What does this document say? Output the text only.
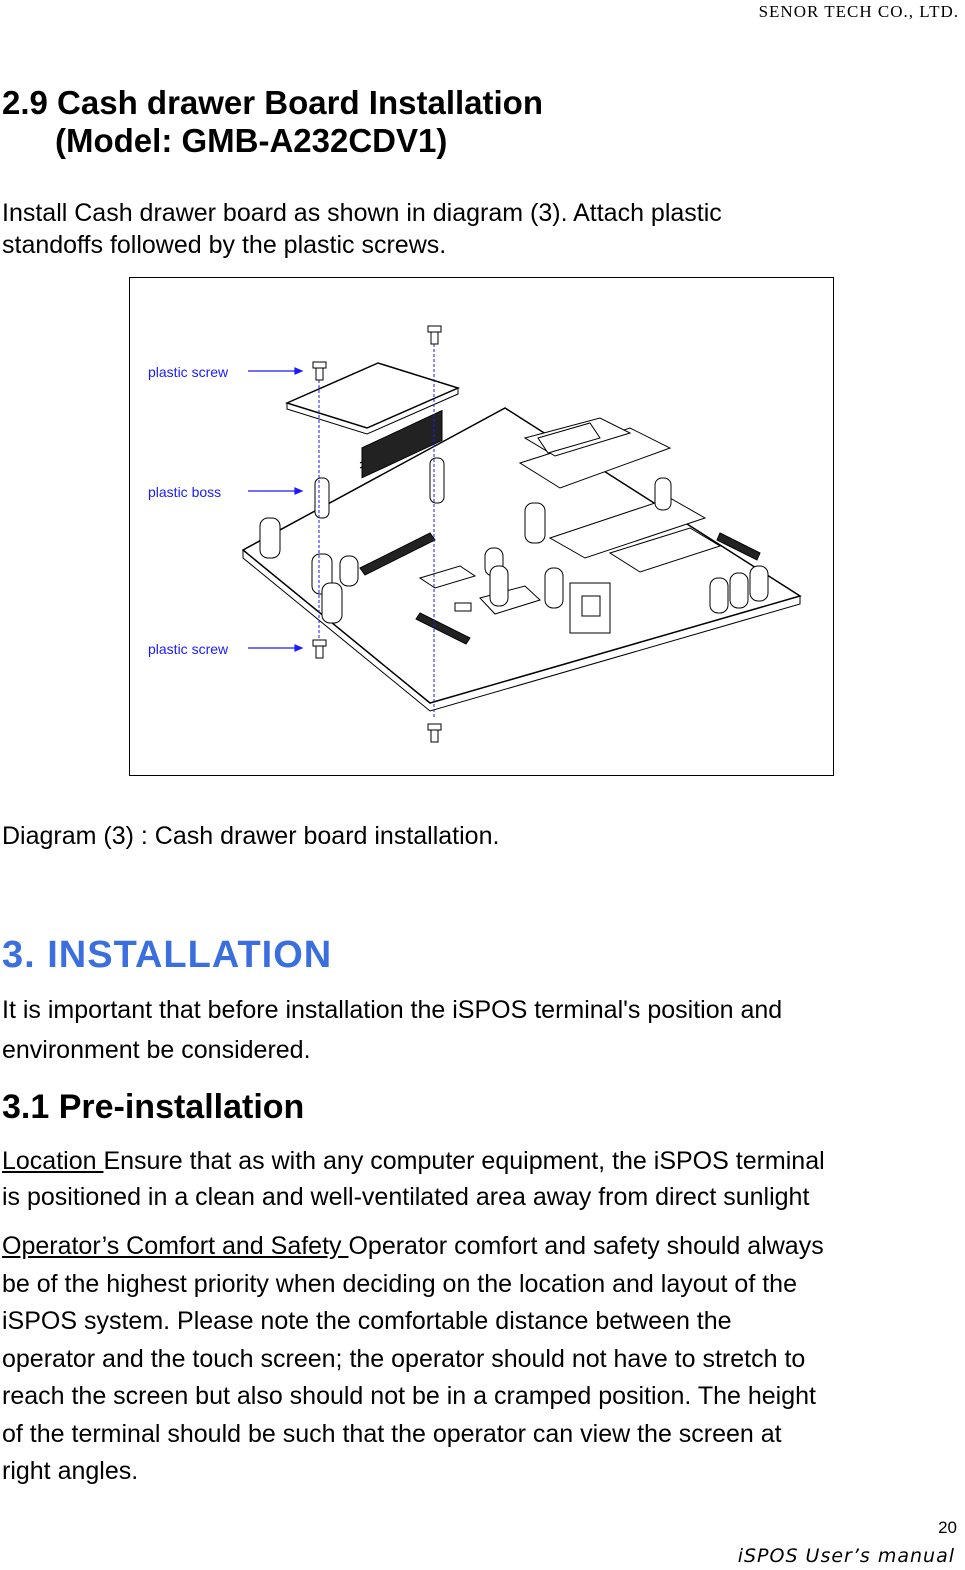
SENOR TECH CO., LTD.
2.9 Cash drawer Board Installation
(Model: GMB-A232CDV1)
Install Cash drawer board as shown in diagram (3). Attach plastic
standoffs followed by the plastic screws.
plastic screw
plastic boss
plastic screw
Diagram (3) : Cash drawer board installation.
3. INSTALLATION
It is important that before installation the iSPOS terminal's position and
environment be considered.
3.1 Pre-installation
Location Ensure that as with any computer equipment, the iSPOS terminal
is positioned in a clean and well-ventilated area away from direct sunlight
Operator’s Comfort and Safety Operator comfort and safety should always
be of the highest priority when deciding on the location and layout of the
iSPOS system. Please note the comfortable distance between the
operator and the touch screen; the operator should not have to stretch to
reach the screen but also should not be in a cramped position. The height
of the terminal should be such that the operator can view the screen at
right angles.
20
iSPOS User’s manual
